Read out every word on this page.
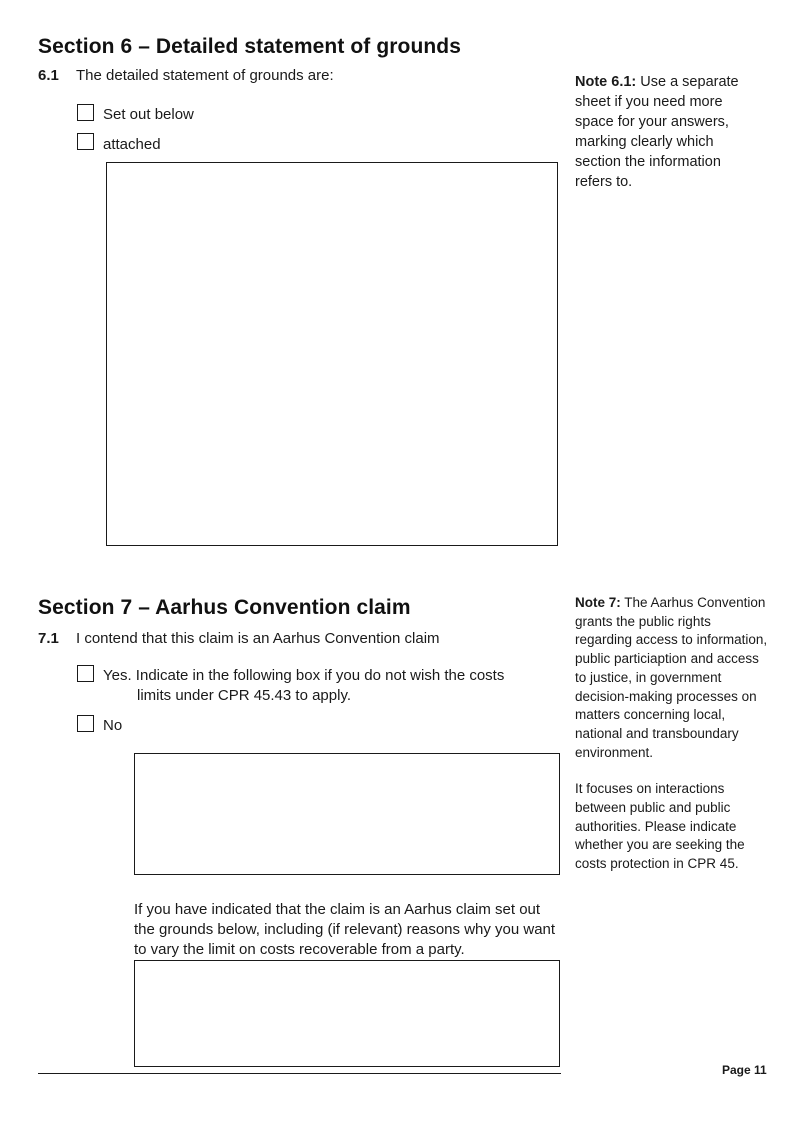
Section 6 – Detailed statement of grounds
6.1 The detailed statement of grounds are:
Set out below
attached
Note 6.1: Use a separate sheet if you need more space for your answers, marking clearly which section the information refers to.
Section 7 – Aarhus Convention claim
7.1 I contend that this claim is an Aarhus Convention claim
Yes. Indicate in the following box if you do not wish the costs
limits under CPR 45.43 to apply.
No
If you have indicated that the claim is an Aarhus claim set out the grounds below, including (if relevant) reasons why you want to vary the limit on costs recoverable from a party.
Note 7: The Aarhus Convention grants the public rights regarding access to information, public particiaption and access to justice, in government decision-making processes on matters concerning local, national and transboundary environment.
It focuses on interactions between public and public authorities. Please indicate whether you are seeking the costs protection in CPR 45.
Page 11
